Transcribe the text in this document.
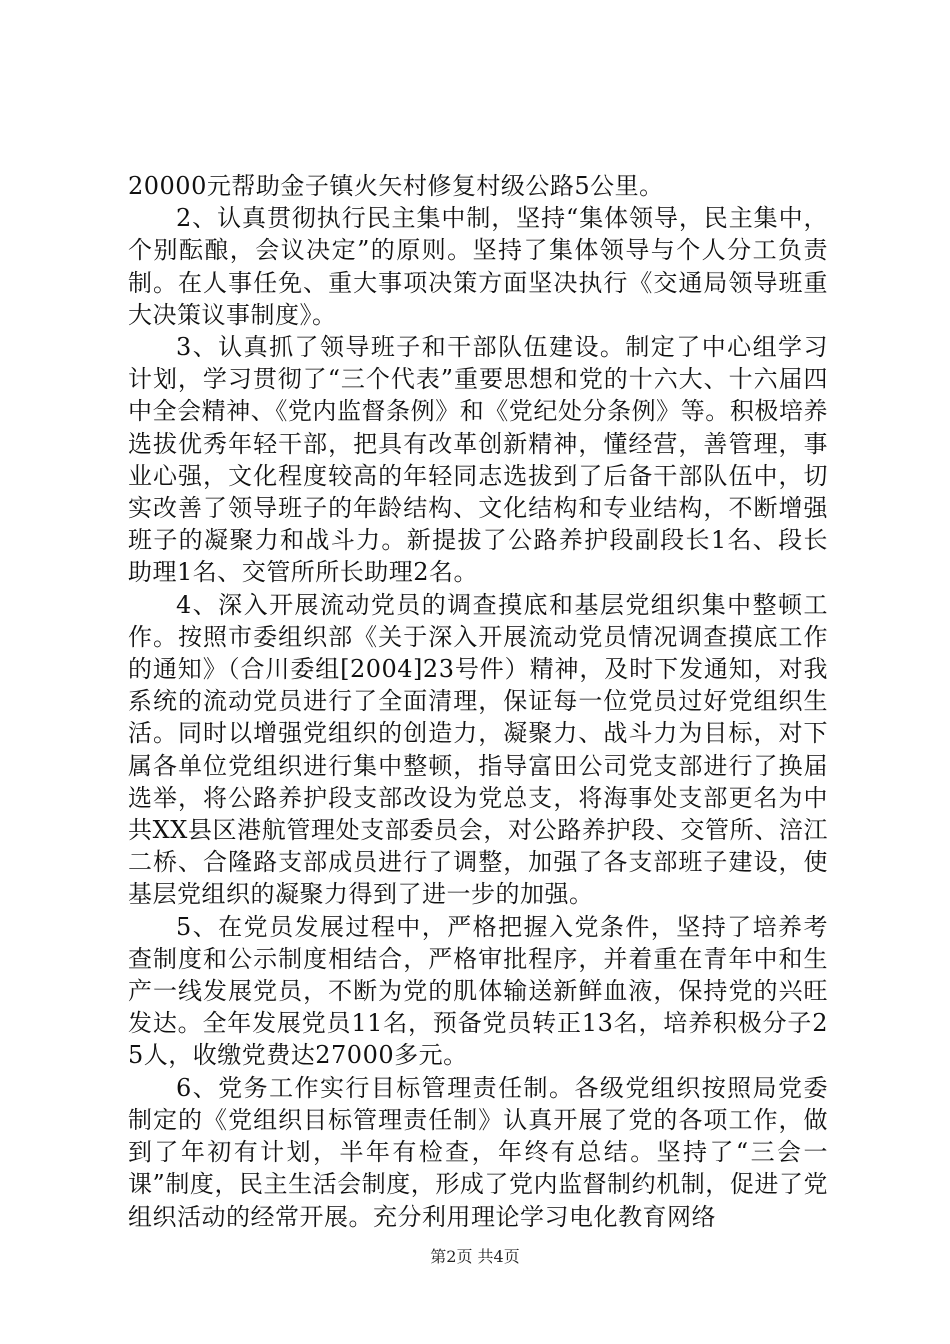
20000元帮助金子镇火矢村修复村级公路5公里。

2、认真贯彻执行民主集中制，坚持“集体领导，民主集中，个别酝酿，会议决定”的原则。坚持了集体领导与个人分工负责制。在人事任免、重大事项决策方面坚决执行《交通局领导班重大决策议事制度》。

3、认真抓了领导班子和干部队伍建设。制定了中心组学习计划，学习贯彻了“三个代表”重要思想和党的十六大、十六届四中全会精神、《党内监督条例》和《党纪处分条例》等。积极培养选拔优秀年轻干部，把具有改革创新精神，懂经营，善管理，事业心强，文化程度较高的年轻同志选拔到了后备干部队伍中，切实改善了领导班子的年龄结构、文化结构和专业结构，不断增强班子的凝聚力和战斗力。新提拔了公路养护段副段长1名、段长助理1名、交管所所长助理2名。

4、深入开展流动党员的调查摸底和基层党组织集中整顿工作。按照市委组织部《关于深入开展流动党员情况调查摸底工作的通知》（合川委组[2004]23号件）精神，及时下发通知，对我系统的流动党员进行了全面清理，保证每一位党员过好党组织生活。同时以增强党组织的创造力，凝聚力、战斗力为目标，对下属各单位党组织进行集中整顿，指导富田公司党支部进行了换届选举，将公路养护段支部改设为党总支，将海事处支部更名为中共XX县区港航管理处支部委员会，对公路养护段、交管所、涪江二桥、合隆路支部成员进行了调整，加强了各支部班子建设，使基层党组织的凝聚力得到了进一步的加强。

5、在党员发展过程中，严格把握入党条件，坚持了培养考查制度和公示制度相结合，严格审批程序，并着重在青年中和生产一线发展党员，不断为党的肌体输送新鲜血液，保持党的兴旺发达。全年发展党员11名，预备党员转正13名，培养积极分子25人，收缴党费达27000多元。

6、党务工作实行目标管理责任制。各级党组织按照局党委制定的《党组织目标管理责任制》认真开展了党的各项工作，做到了年初有计划，半年有检查，年终有总结。坚持了“三会一课”制度，民主生活会制度，形成了党内监督制约机制，促进了党组织活动的经常开展。充分利用理论学习电化教育网络

第2页 共4页
